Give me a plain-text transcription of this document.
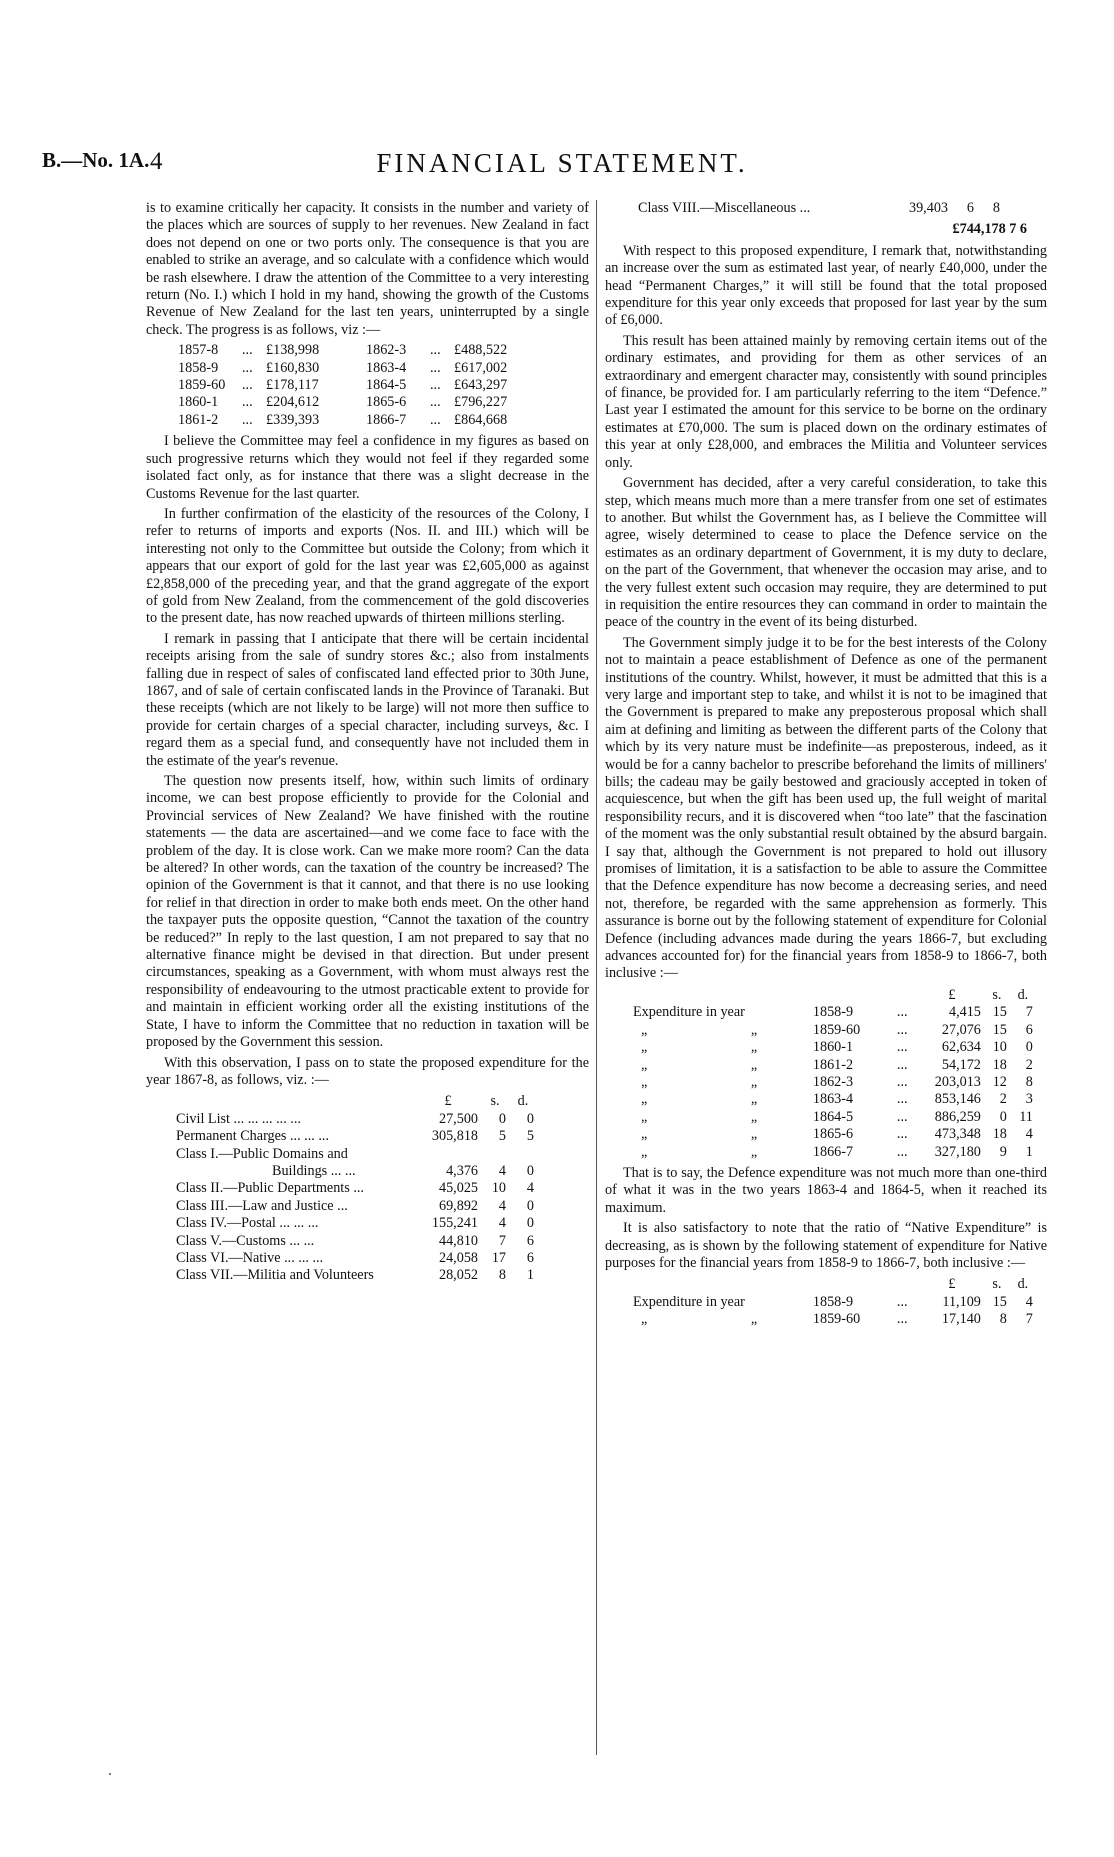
B.—No. 1A. 4	FINANCIAL STATEMENT.

is to examine critically her capacity. It consists in the number and variety of the places which are sources of supply to her revenues. New Zealand in fact does not depend on one or two ports only. The consequence is that you are enabled to strike an average, and so calculate with a confidence which would be rash elsewhere. I draw the attention of the Committee to a very interesting return (No. I.) which I hold in my hand, showing the growth of the Customs Revenue of New Zealand for the last ten years, uninterrupted by a single check. The progress is as follows, viz :—

1857-8	...	£138,998	1862-3	...	£488,522
1858-9	...	£160,830	1863-4	...	£617,002
1859-60	...	£178,117	1864-5	...	£643,297
1860-1	...	£204,612	1865-6	...	£796,227
1861-2	...	£339,393	1866-7	...	£864,668

I believe the Committee may feel a confidence in my figures as based on such progressive returns which they would not feel if they regarded some isolated fact only, as for instance that there was a slight decrease in the Customs Revenue for the last quarter.

In further confirmation of the elasticity of the resources of the Colony, I refer to returns of imports and exports (Nos. II. and III.) which will be interesting not only to the Committee but outside the Colony; from which it appears that our export of gold for the last year was £2,605,000 as against £2,858,000 of the preceding year, and that the grand aggregate of the export of gold from New Zealand, from the commencement of the gold discoveries to the present date, has now reached upwards of thirteen millions sterling.

I remark in passing that I anticipate that there will be certain incidental receipts arising from the sale of sundry stores &c.; also from instalments falling due in respect of sales of confiscated land effected prior to 30th June, 1867, and of sale of certain confiscated lands in the Province of Taranaki. But these receipts (which are not likely to be large) will not more then suffice to provide for certain charges of a special character, including surveys, &c. I regard them as a special fund, and consequently have not included them in the estimate of the year's revenue.

The question now presents itself, how, within such limits of ordinary income, we can best propose efficiently to provide for the Colonial and Provincial services of New Zealand? We have finished with the routine statements — the data are ascertained—and we come face to face with the problem of the day. It is close work. Can we make more room? Can the data be altered? In other words, can the taxation of the country be increased? The opinion of the Government is that it cannot, and that there is no use looking for relief in that direction in order to make both ends meet. On the other hand the taxpayer puts the opposite question, “Cannot the taxation of the country be reduced?” In reply to the last question, I am not prepared to say that no alternative finance might be devised in that direction. But under present circumstances, speaking as a Government, with whom must always rest the responsibility of endeavouring to the utmost practicable extent to provide for and maintain in efficient working order all the existing institutions of the State, I have to inform the Committee that no reduction in taxation will be proposed by the Government this session.

With this observation, I pass on to state the proposed expenditure for the year 1867-8, as follows, viz. :—

	£	s.	d.
Civil List ... ... ... ... ...	27,500	0	0
Permanent Charges ... ... ...	305,818	5	5
Class I.—Public Domains and			
Buildings ... ...	4,376	4	0
Class II.—Public Departments ...	45,025	10	4
Class III.—Law and Justice ...	69,892	4	0
Class IV.—Postal ... ... ...	155,241	4	0
Class V.—Customs ... ...	44,810	7	6
Class VI.—Native ... ... ...	24,058	17	6
Class VII.—Militia and Volunteers	28,052	8	1
Class VIII.—Miscellaneous ...	39,403	6	8
£744,178 7 6

With respect to this proposed expenditure, I remark that, notwithstanding an increase over the sum as estimated last year, of nearly £40,000, under the head “Permanent Charges,” it will still be found that the total proposed expenditure for this year only exceeds that proposed for last year by the sum of £6,000.

This result has been attained mainly by removing certain items out of the ordinary estimates, and providing for them as other services of an extraordinary and emergent character may, consistently with sound principles of finance, be provided for. I am particularly referring to the item “Defence.” Last year I estimated the amount for this service to be borne on the ordinary estimates at £70,000. The sum is placed down on the ordinary estimates of this year at only £28,000, and embraces the Militia and Volunteer services only.

Government has decided, after a very careful consideration, to take this step, which means much more than a mere transfer from one set of estimates to another. But whilst the Government has, as I believe the Committee will agree, wisely determined to cease to place the Defence service on the estimates as an ordinary department of Government, it is my duty to declare, on the part of the Government, that whenever the occasion may arise, and to the very fullest extent such occasion may require, they are determined to put in requisition the entire resources they can command in order to maintain the peace of the country in the event of its being disturbed.

The Government simply judge it to be for the best interests of the Colony not to maintain a peace establishment of Defence as one of the permanent institutions of the country. Whilst, however, it must be admitted that this is a very large and important step to take, and whilst it is not to be imagined that the Government is prepared to make any preposterous proposal which shall aim at defining and limiting as between the different parts of the Colony that which by its very nature must be indefinite—as preposterous, indeed, as it would be for a canny bachelor to prescribe beforehand the limits of milliners' bills; the cadeau may be gaily bestowed and graciously accepted in token of acquiescence, but when the gift has been used up, the full weight of marital responsibility recurs, and it is discovered when “too late” that the fascination of the moment was the only substantial result obtained by the absurd bargain. I say that, although the Government is not prepared to hold out illusory promises of limitation, it is a satisfaction to be able to assure the Committee that the Defence expenditure has now become a decreasing series, and need not, therefore, be regarded with the same apprehension as formerly. This assurance is borne out by the following statement of expenditure for Colonial Defence (including advances made during the years 1866-7, but excluding advances accounted for) for the financial years from 1858-9 to 1866-7, both inclusive :—

				£	s.	d.
Expenditure in year		1858-9	...	4,415	15	7
„	„	1859-60	...	27,076	15	6
„	„	1860-1	...	62,634	10	0
„	„	1861-2	...	54,172	18	2
„	„	1862-3	...	203,013	12	8
„	„	1863-4	...	853,146	2	3
„	„	1864-5	...	886,259	0	11
„	„	1865-6	...	473,348	18	4
„	„	1866-7	...	327,180	9	1

That is to say, the Defence expenditure was not much more than one-third of what it was in the two years 1863-4 and 1864-5, when it reached its maximum.

It is also satisfactory to note that the ratio of “Native Expenditure” is decreasing, as is shown by the following statement of expenditure for Native purposes for the financial years from 1858-9 to 1866-7, both inclusive :—

				£	s.	d.
Expenditure in year		1858-9	...	11,109	15	4
„	„	1859-60	...	17,140	8	7
